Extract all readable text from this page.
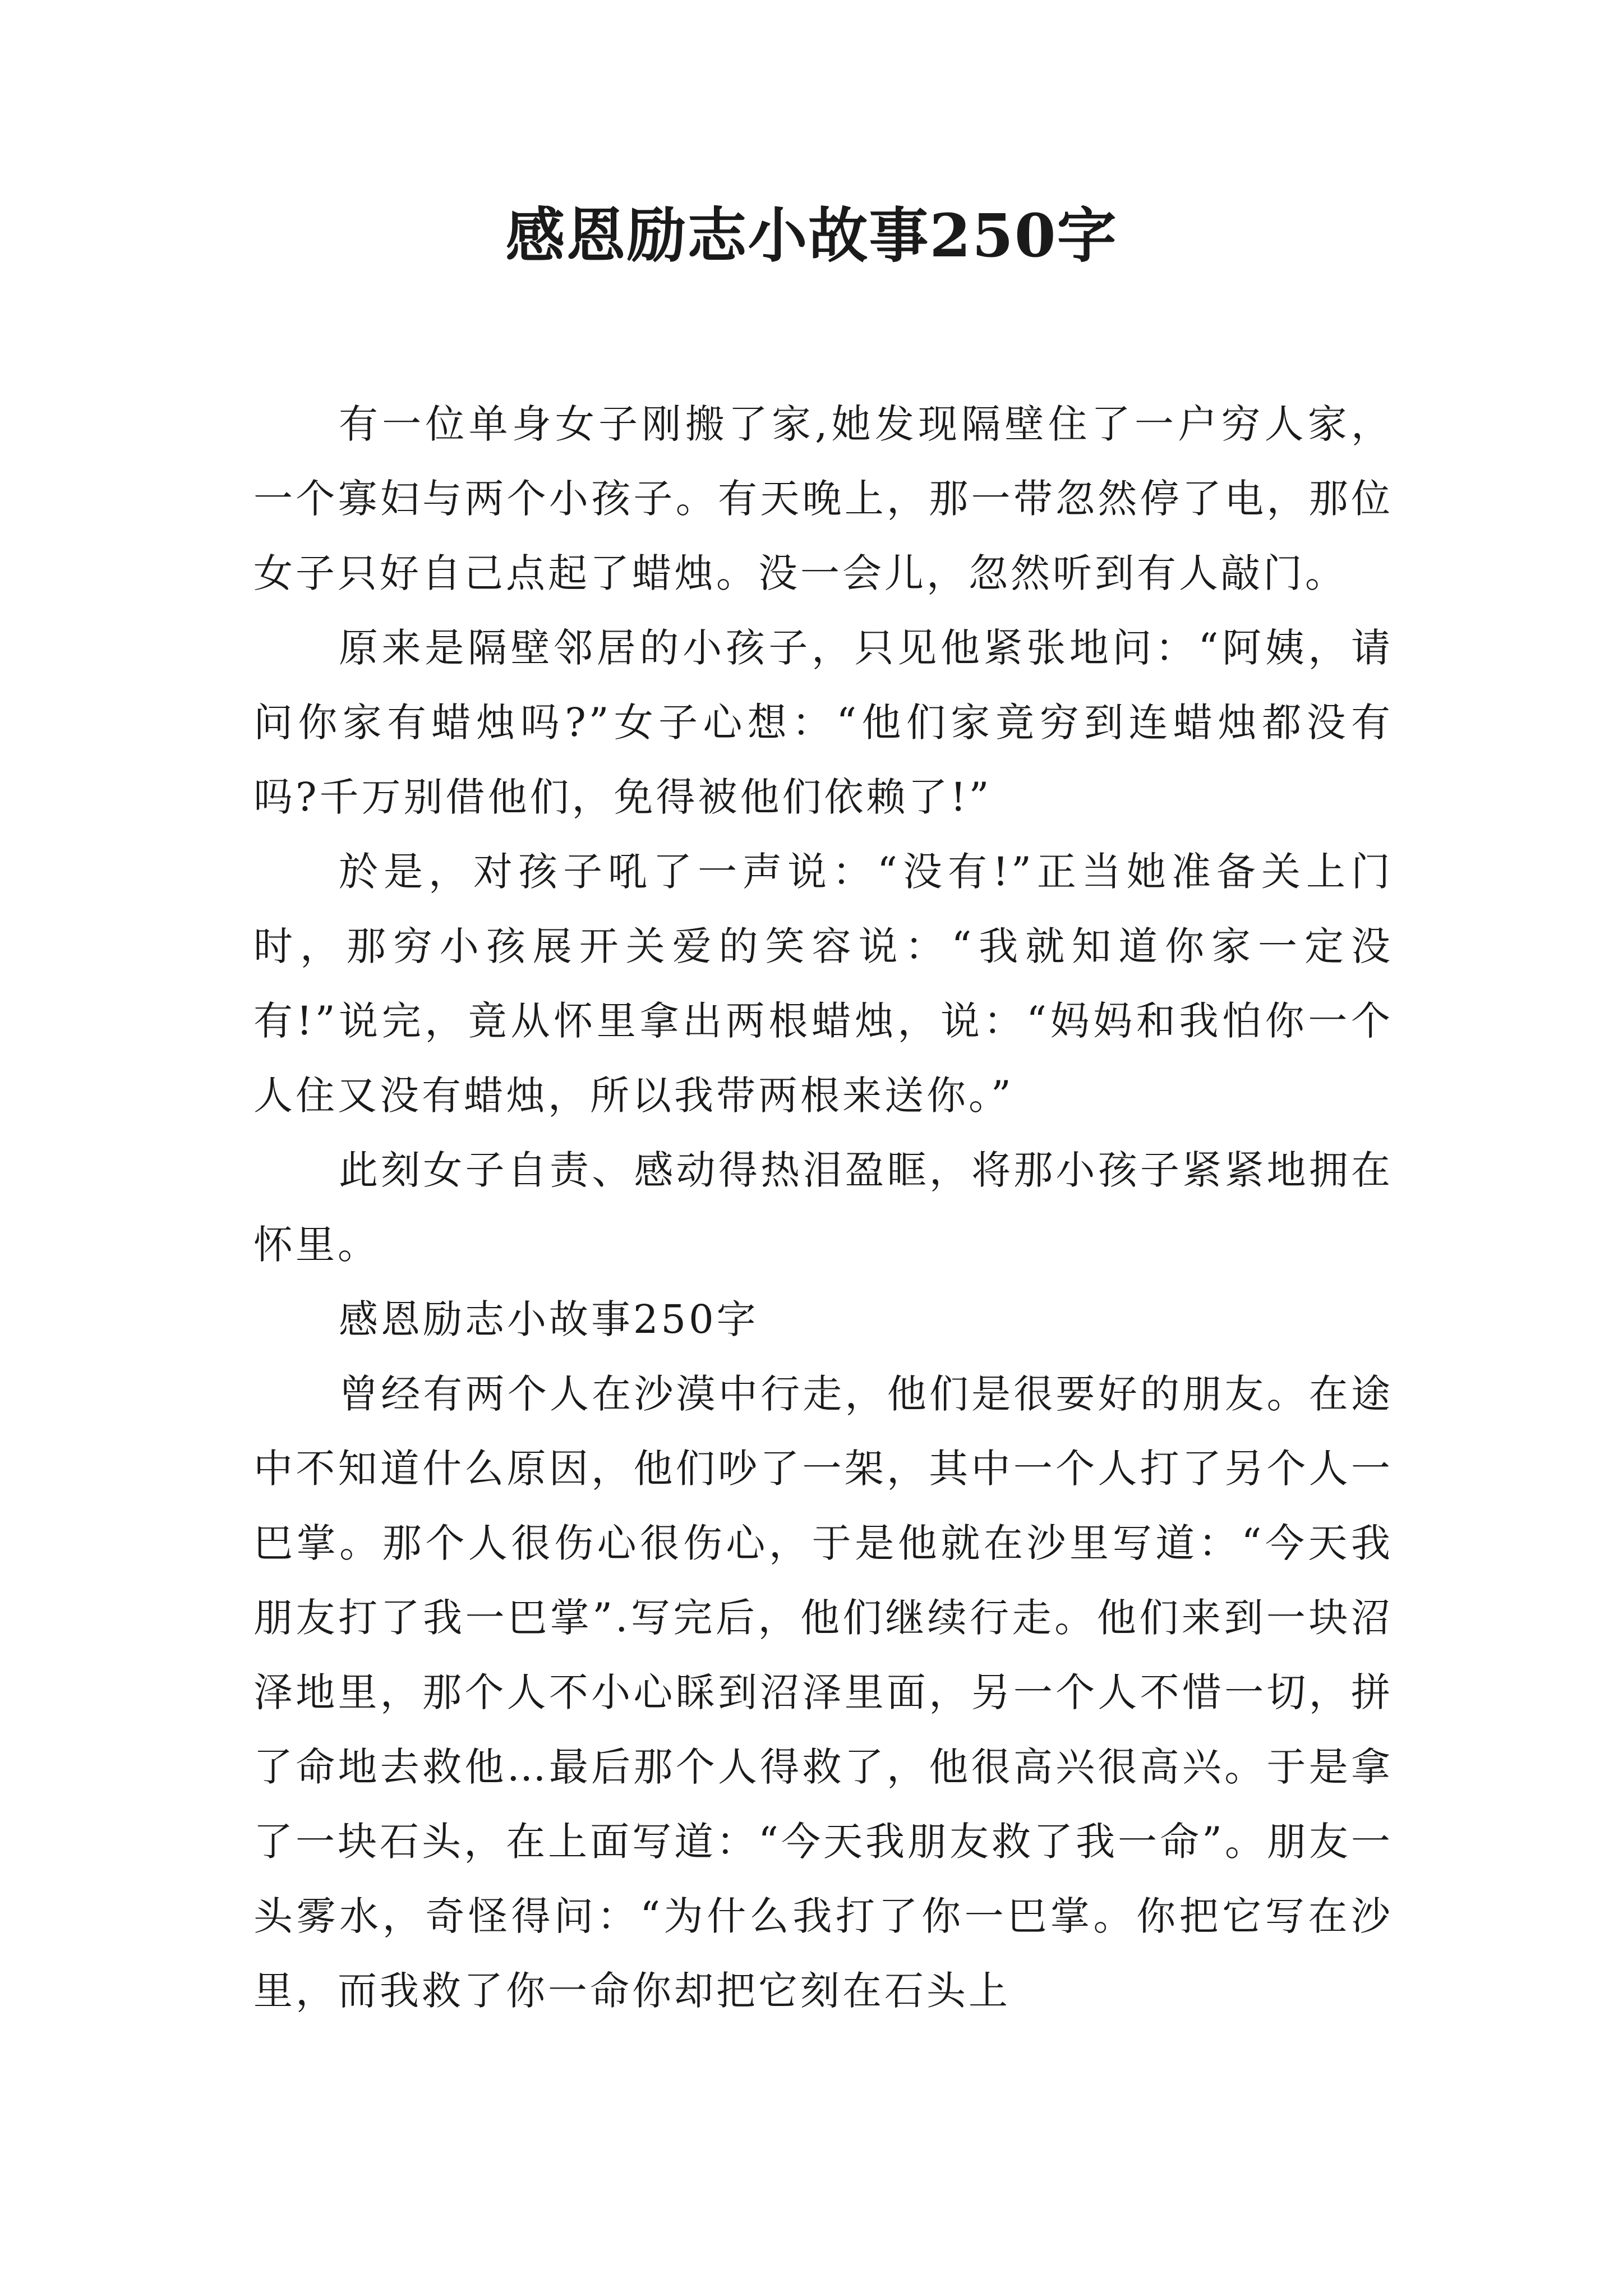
感恩励志小故事250字

有一位单身女子刚搬了家,她发现隔壁住了一户穷人家，一个寡妇与两个小孩子。有天晚上，那一带忽然停了电，那位女子只好自己点起了蜡烛。没一会儿，忽然听到有人敲门。

原来是隔壁邻居的小孩子，只见他紧张地问：“阿姨，请问你家有蜡烛吗?”女子心想：“他们家竟穷到连蜡烛都没有吗?千万别借他们，免得被他们依赖了!”

於是，对孩子吼了一声说：“没有!”正当她准备关上门时，那穷小孩展开关爱的笑容说：“我就知道你家一定没有!”说完，竟从怀里拿出两根蜡烛，说：“妈妈和我怕你一个人住又没有蜡烛，所以我带两根来送你。”

此刻女子自责、感动得热泪盈眶，将那小孩子紧紧地拥在怀里。

感恩励志小故事250字

曾经有两个人在沙漠中行走，他们是很要好的朋友。在途中不知道什么原因，他们吵了一架，其中一个人打了另个人一巴掌。那个人很伤心很伤心，于是他就在沙里写道：“今天我朋友打了我一巴掌”.写完后，他们继续行走。他们来到一块沼泽地里，那个人不小心睬到沼泽里面，另一个人不惜一切，拼了命地去救他…最后那个人得救了，他很高兴很高兴。于是拿了一块石头，在上面写道：“今天我朋友救了我一命”。朋友一头雾水，奇怪得问：“为什么我打了你一巴掌。你把它写在沙里，而我救了你一命你却把它刻在石头上
